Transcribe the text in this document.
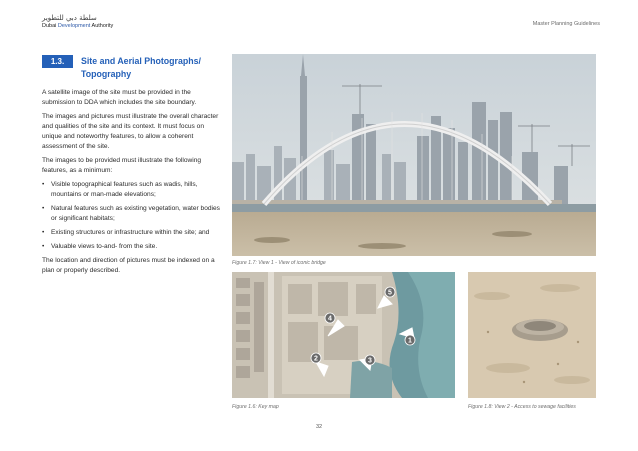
سلطة دبي للتطوير
Dubai Development Authority	Master Planning Guidelines
1.3.	Site and Aerial Photographs/ Topography

A satellite image of the site must be provided in the submission to DDA which includes the site boundary.

The images and pictures must illustrate the overall character and qualities of the site and its context. It must focus on unique and noteworthy features, to allow a coherent assessment of the site.

The images to be provided must illustrate the following features, as a minimum:

• Visible topographical features such as wadis, hills, mountains or man-made elevations;
• Natural features such as existing vegetation, water bodies or significant habitats;
• Existing structures or infrastructure within the site; and
• Valuable views to-and- from the site.

The location and direction of pictures must be indexed on a plan or properly described.

Figure 1.7: View 1 - View of iconic bridge
5
4
1
2	3
Figure 1.6: Key map	Figure 1.8: View 2 - Access to sewage facilities
32
